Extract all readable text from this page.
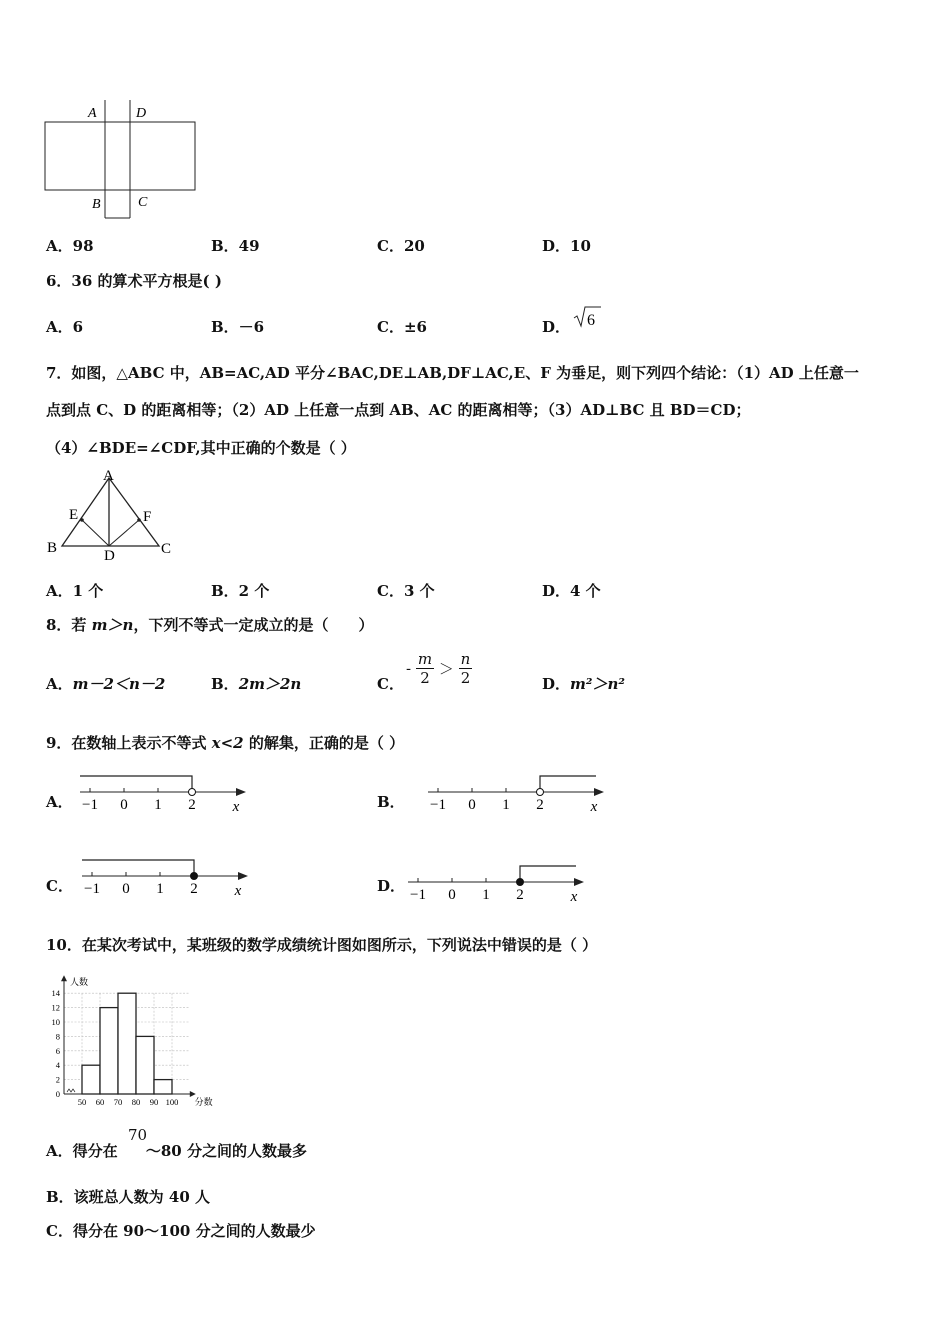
A	D
B	C
A．98	B．49	C．20	D．10
6．36 的算术平方根是( )
A．6	B．－6	C．±6	D． 6
7．如图，△ABC 中，AB=AC,AD 平分∠BAC,DE⊥AB,DF⊥AC,E、F 为垂足，则下列四个结论：（1）AD 上任意一
点到点 C、D 的距离相等；（2）AD 上任意一点到 AB、AC 的距离相等；（3）AD⊥BC 且 BD＝CD；
（4）∠BDE=∠CDF,其中正确的个数是（ ）
A
E	F
B	D	C
A．1 个	B．2 个	C．3 个	D．4 个
8．若 m＞n，下列不等式一定成立的是（　　）
A．m－2＜n－2	B．2m＞2n	C．
- $\frac{m}{2} > \frac{n}{2}$	D．m²＞n²
9．在数轴上表示不等式 x<2 的解集，正确的是（ ）
A．	B．
C．	D．
−1 0 1 2 x	−1 0 1 2	x
−1 0 1 2 x	−1 0 1 2	x
10．在某次考试中，某班级的数学成绩统计图如图所示，下列说法中错误的是（ ）
0
2
4
6
8
10
12
14
50 60 70 80 90 100
人数
分数
A．得分在 ～80 分之间的人数最多
70
B．该班总人数为 40 人
C．得分在 90～100 分之间的人数最少
